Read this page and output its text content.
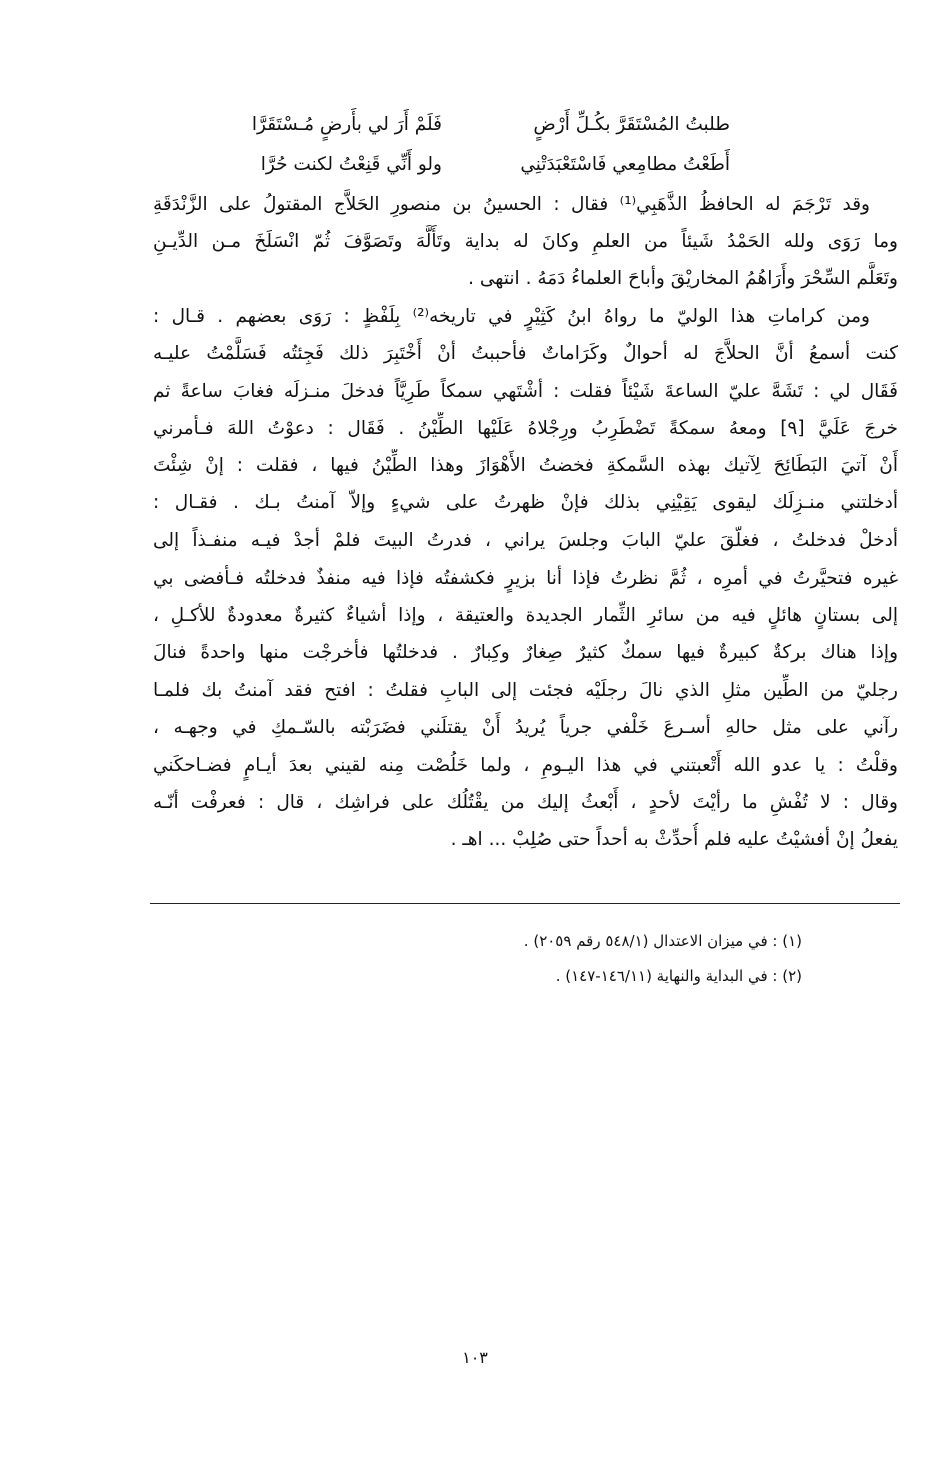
طلبتُ المُسْتَقَرَّ بكُـلِّ أَرْضٍ
فَلَمْ أَرَ لي بأَرضٍ مُـسْتَقَرَّا
أَطَعْتُ مطامِعي فَاسْتَعْبَدَتْنِي
ولو أَنِّي قَنِعْتُ لكنت حُرَّا
وقد تَرْجَمَ له الحافظُ الذَّهَبِي⁽¹⁾ فقال : الحسينُ بن منصورِ الحَلاَّج المقتولُ على الزَّنْدَقَةِ
وما رَوَى ولله الحَمْدُ شَيئاً من العلمِ وكانَ له بداية وتَأَلَّهَ وتَصَوَّفَ ثُمّ انْسَلَخَ مـن الدِّيـنِ
وتَعَلَّم السِّحْرَ وأَرَاهُمُ المخاريْقَ وأباحَ العلماءُ دَمَهُ . انتهى .
ومن كراماتِ هذا الوليّ ما رواهُ ابنُ كَثِيْرٍ في تاريخه⁽²⁾ بِلَفْظٍ : رَوَى بعضهم . قـال :
كنت أسمعُ أنَّ الحلاَّجَ له أحوالٌ وكَرَاماتٌ فأحببتُ أنْ أَخْتَبِرَ ذلك فَجِئتُه فَسَلَّمْتُ عليـه
فَقَال لي : تَشَهَّ عليّ الساعةَ شَيْئاً فقلت : أشْتَهي سمكاً طَرِيَّاً فدخلَ منـزلَه فغابَ ساعةً ثم
خرجَ عَلَيَّ [٩] ومعهُ سمكةً تَضْطَرِبُ ورِجْلاهُ عَلَيْها الطِّيْنُ . فَقَال : دعوْتُ اللهَ فـأمرني
أَنْ آتيَ البَطَائِحَ لِآتيك بهذه السَّمكةِ فخضتُ الأَهْوَازَ وهذا الطِّيْنُ فيها ، فقلت : إنْ شِئْتَ
أدخلتني منـزِلَك ليقوى يَقِيْنِي بذلك فإنْ ظهرتُ على شيءٍ وإلاّ آمنتُ بـك . فقـال :
أدخلْ فدخلتُ ، فغلّقَ عليّ البابَ وجلسَ يراني ، فدرتُ البيتَ فلمْ أجدْ فيـه منفـذاً إلى
غيره فتحيَّرتُ في أمرِه ، ثُمَّ نظرتُ فإذا أنا بزيرٍ فكشفتُه فإذا فيه منفذٌ فدخلتُه فـأفضى بي
إلى بستانٍ هائلٍ فيه من سائرِ الثِّمار الجديدة والعتيقة ، وإذا أشياءٌ كثيرةٌ معدودةٌ للأكـلِ ،
وإذا هناك بركةٌ كبيرةٌ فيها سمكٌ كثيرٌ صِغارٌ وكِبارٌ . فدخلتُها فأخرجْت منها واحدةً فنالَ
رجليّ من الطِّين مثلِ الذي نالَ رجلَيْه فجئت إلى البابِ فقلتُ : افتح فقد آمنتُ بك فلمـا
رآني على مثل حالهِ أسـرعَ خَلْفي جرياً يُريدُ أَنْ يقتلَني فضَرَبْته بالسّـمكِ في وجهـه ،
وقلْتُ : يا عدو الله أَتْعبتني في هذا اليـومِ ، ولما خَلُصْت مِنه لقيني بعدَ أيـامٍ فضـاحكَني
وقال : لا تُفْشِ ما رأيْتَ لأحدٍ ، أَبْعثُ إليك من يقْتُلُك على فراشِك ، قال : فعرفْت أنّـه
يفعلُ إنْ أفشيْتُ عليه فلم أُحدِّثْ به أحداً حتى صُلِبْ ... اهـ .
(١) : في ميزان الاعتدال (٥٤٨/١ رقم ٢٠٥٩) .
(٢) : في البداية والنهاية (١٤٦/١١-١٤٧) .
١٠٣
